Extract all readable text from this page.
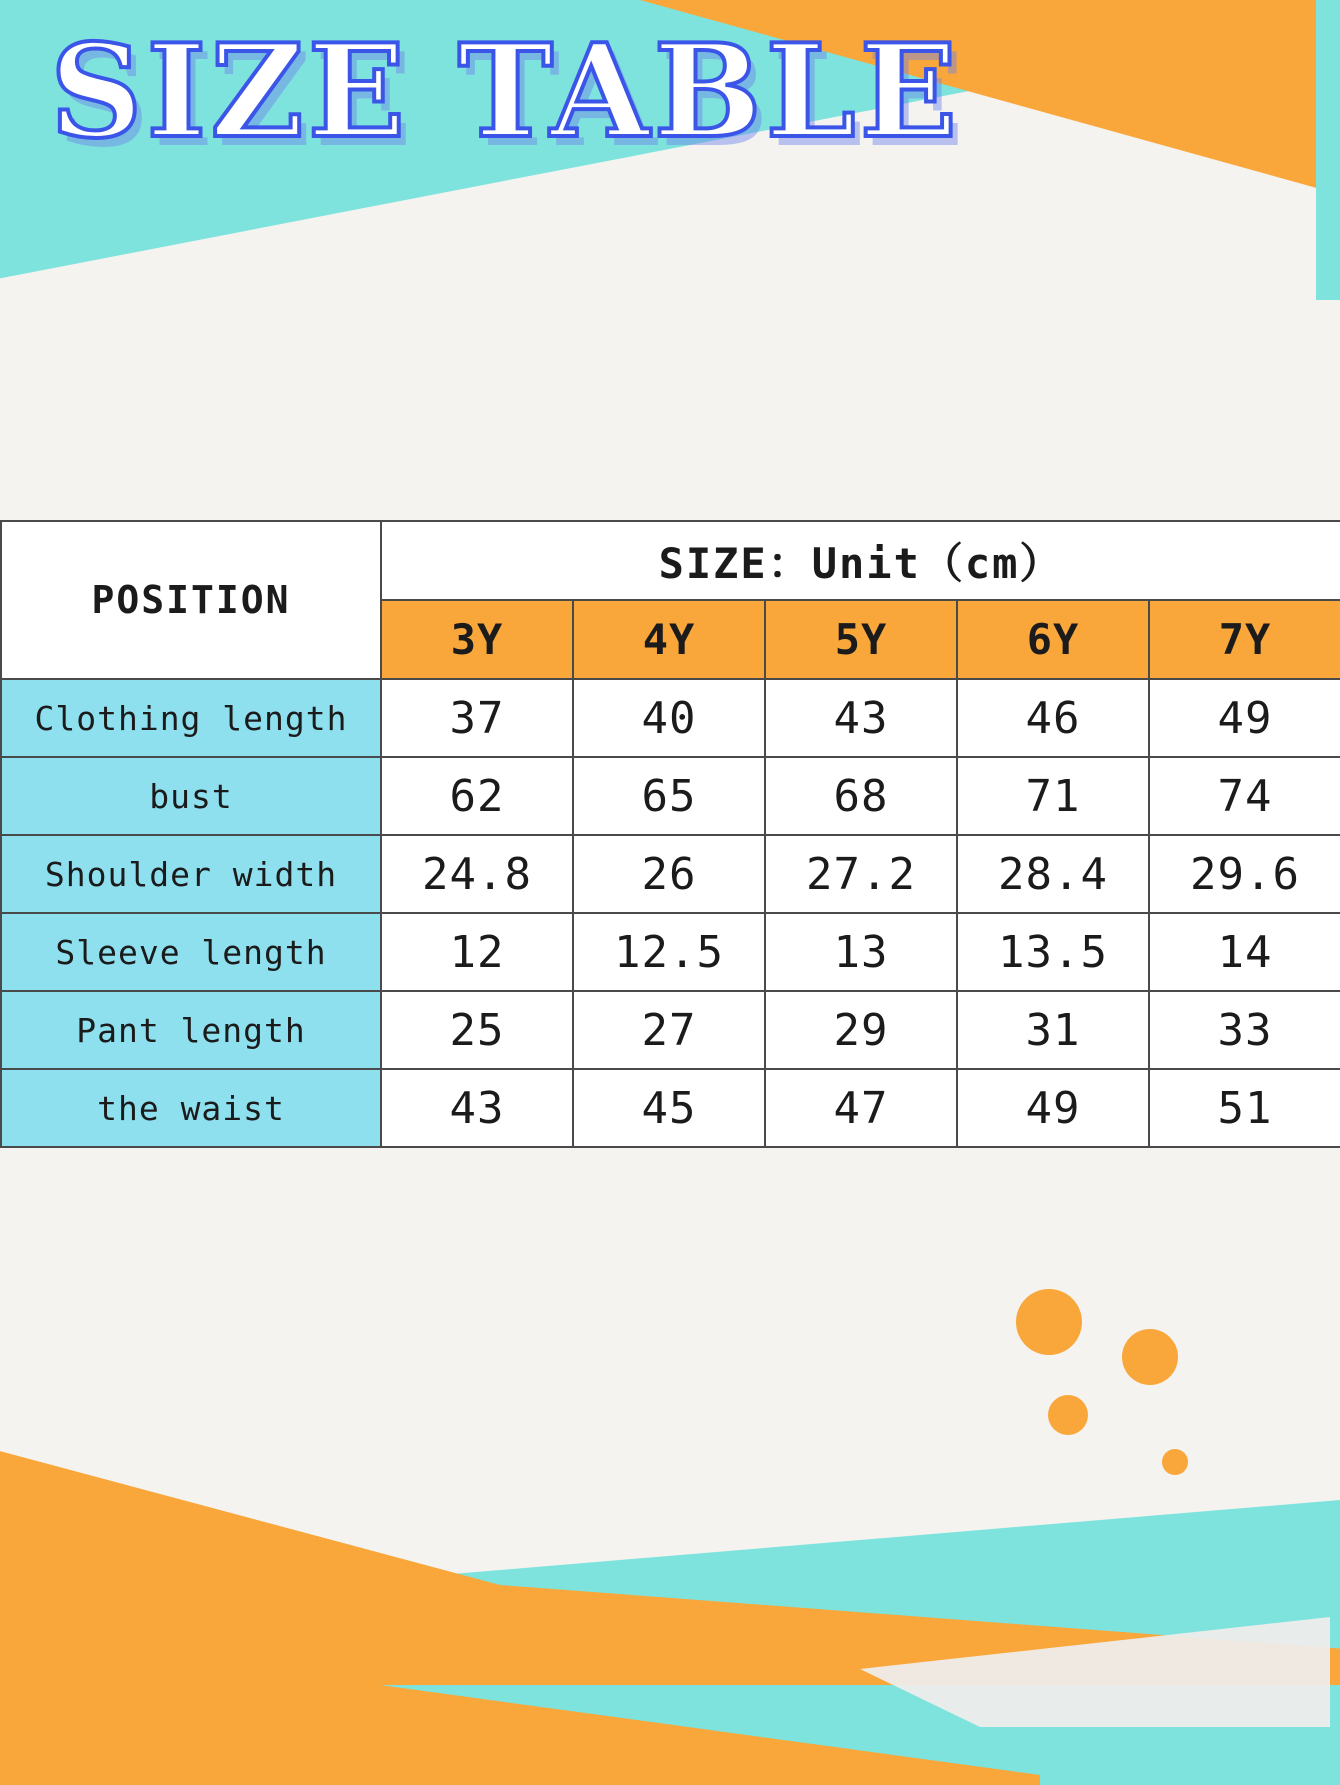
SIZE TABLE
POSITION	SIZE：Unit（cm）				
	3Y	4Y	5Y	6Y	7Y
Clothing length	37	40	43	46	49
bust	62	65	68	71	74
Shoulder width	24.8	26	27.2	28.4	29.6
Sleeve length	12	12.5	13	13.5	14
Pant length	25	27	29	31	33
the waist	43	45	47	49	51
